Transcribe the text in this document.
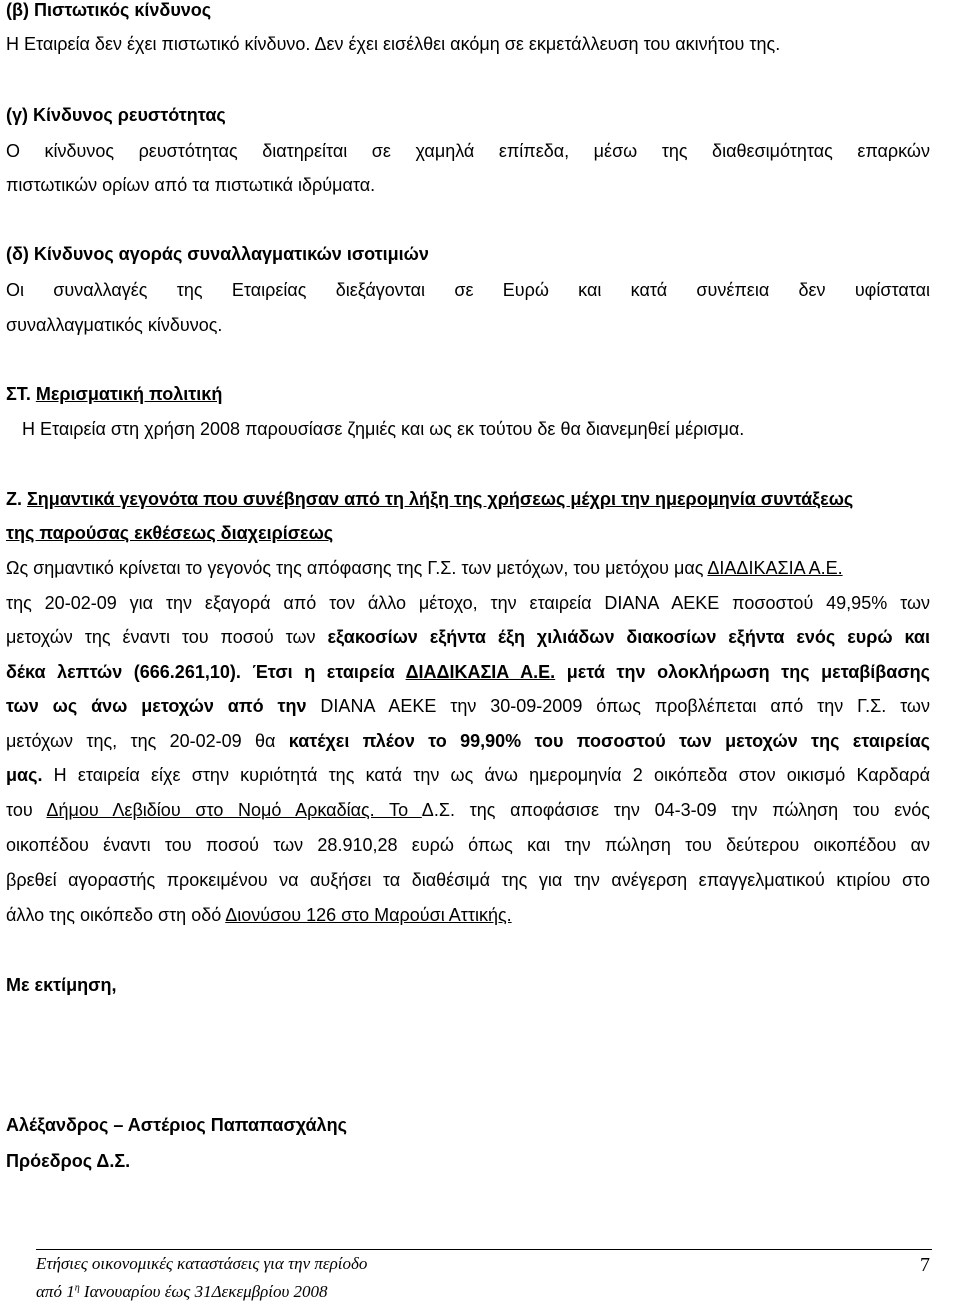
(β) Πιστωτικός κίνδυνος
Η Εταιρεία δεν έχει πιστωτικό κίνδυνο. Δεν έχει εισέλθει ακόμη σε εκμετάλλευση του ακινήτου της.
(γ) Κίνδυνος ρευστότητας
Ο κίνδυνος ρευστότητας διατηρείται σε χαμηλά επίπεδα, μέσω της διαθεσιμότητας επαρκών
πιστωτικών ορίων από τα πιστωτικά ιδρύματα.
(δ) Κίνδυνος αγοράς συναλλαγματικών ισοτιμιών
Οι συναλλαγές της Εταιρείας διεξάγονται σε Ευρώ και κατά συνέπεια δεν υφίσταται
συναλλαγματικός κίνδυνος.
ΣΤ. Μερισματική πολιτική
Η Εταιρεία στη χρήση 2008 παρουσίασε ζημιές και ως εκ τούτου δε θα διανεμηθεί μέρισμα.
Ζ. Σημαντικά γεγονότα που συνέβησαν από τη λήξη της χρήσεως μέχρι την ημερομηνία συντάξεως
της παρούσας εκθέσεως διαχειρίσεως
Ως σημαντικό κρίνεται το γεγονός της απόφασης της Γ.Σ. των μετόχων, του μετόχου μας ΔΙΑΔΙΚΑΣΙΑ Α.Ε.
της 20-02-09 για την εξαγορά από τον άλλο μέτοχο, την εταιρεία DIANA ΑΕΚΕ ποσοστού 49,95% των
μετοχών της έναντι του ποσού των εξακοσίων εξήντα έξη χιλιάδων διακοσίων εξήντα ενός ευρώ και
δέκα λεπτών (666.261,10). Έτσι η εταιρεία ΔΙΑΔΙΚΑΣΙΑ Α.Ε. μετά την ολοκλήρωση της μεταβίβασης
των ως άνω μετοχών από την DIANA ΑΕΚΕ την 30-09-2009 όπως προβλέπεται από την Γ.Σ. των
μετόχων της, της 20-02-09 θα κατέχει πλέον το 99,90% του ποσοστού των μετοχών της εταιρείας
μας. Η εταιρεία είχε στην κυριότητά της κατά την ως άνω ημερομηνία 2 οικόπεδα στον οικισμό Καρδαρά
του Δήμου Λεβιδίου στο Νομό Αρκαδίας. Το Δ.Σ. της αποφάσισε την 04-3-09 την πώληση του ενός
οικοπέδου έναντι του ποσού των 28.910,28 ευρώ όπως και την πώληση του δεύτερου οικοπέδου αν
βρεθεί αγοραστής προκειμένου να αυξήσει τα διαθέσιμά της για την ανέγερση επαγγελματικού κτιρίου στο
άλλο της οικόπεδο στη οδό Διονύσου 126 στο Μαρούσι Αττικής.
Με εκτίμηση,
Αλέξανδρος – Αστέριος Παπαπασχάλης
Πρόεδρος Δ.Σ.
Ετήσιες οικονομικές καταστάσεις για την περίοδο
από $1^\eta$ Ιανουαρίου έως 31Δεκεμβρίου 2008
7
